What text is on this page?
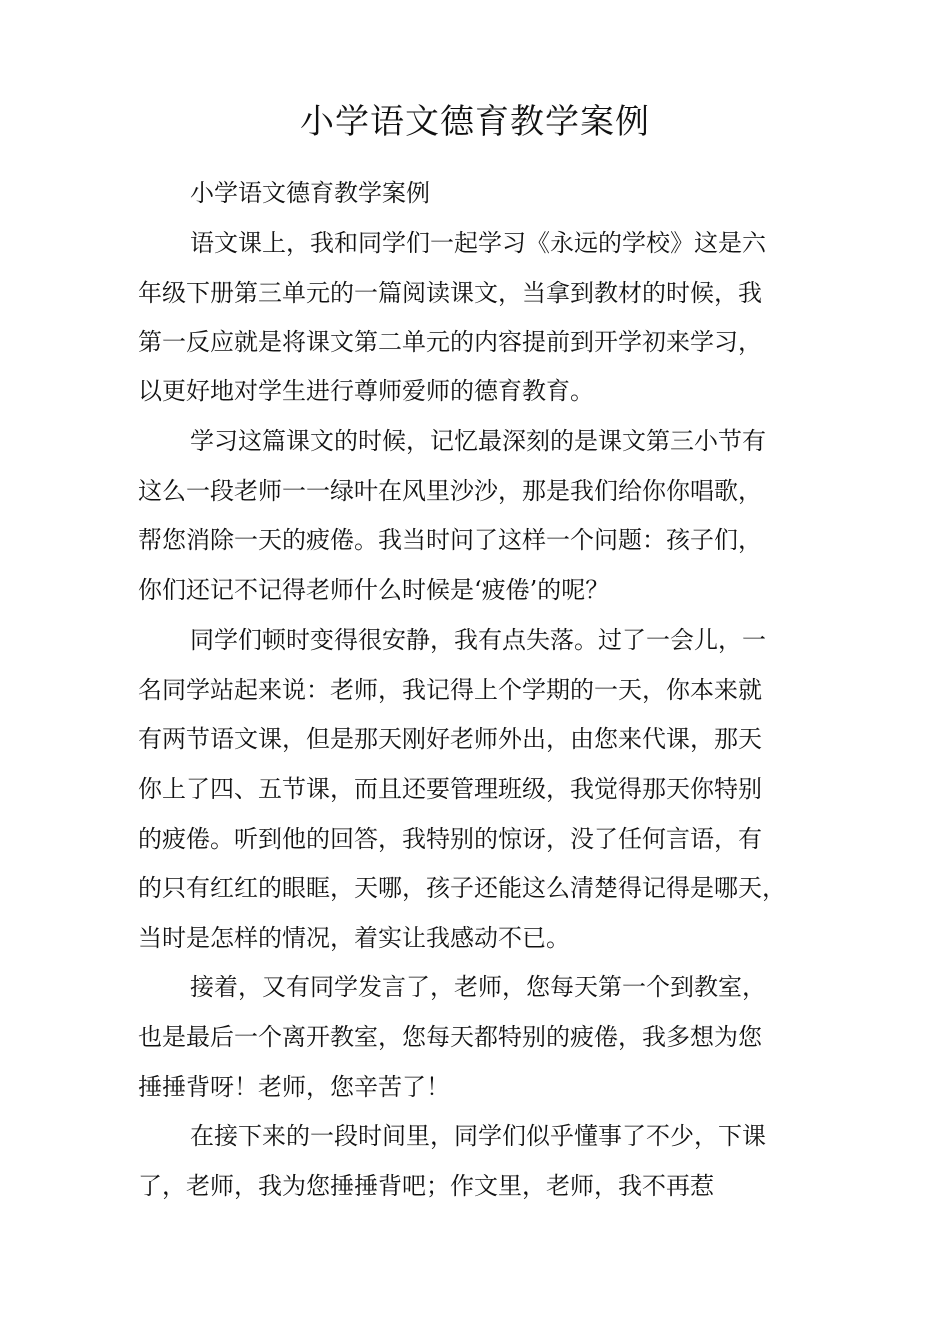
小学语文德育教学案例
小学语文德育教学案例
语文课上，我和同学们一起学习《永远的学校》这是六
年级下册第三单元的一篇阅读课文，当拿到教材的时候，我
第一反应就是将课文第二单元的内容提前到开学初来学习，
以更好地对学生进行尊师爱师的德育教育。
学习这篇课文的时候，记忆最深刻的是课文第三小节有
这么一段老师一一绿叶在风里沙沙，那是我们给你你唱歌，
帮您消除一天的疲倦。我当时问了这样一个问题：孩子们，
你们还记不记得老师什么时候是‘疲倦’的呢？
同学们顿时变得很安静，我有点失落。过了一会儿，一
名同学站起来说：老师，我记得上个学期的一天，你本来就
有两节语文课，但是那天刚好老师外出，由您来代课，那天
你上了四、五节课，而且还要管理班级，我觉得那天你特别
的疲倦。听到他的回答，我特别的惊讶，没了任何言语，有
的只有红红的眼眶，天哪，孩子还能这么清楚得记得是哪天，
当时是怎样的情况，着实让我感动不已。
接着，又有同学发言了，老师，您每天第一个到教室，
也是最后一个离开教室，您每天都特别的疲倦，我多想为您
捶捶背呀！老师，您辛苦了！
在接下来的一段时间里，同学们似乎懂事了不少，下课
了，老师，我为您捶捶背吧；作文里，老师，我不再惹
